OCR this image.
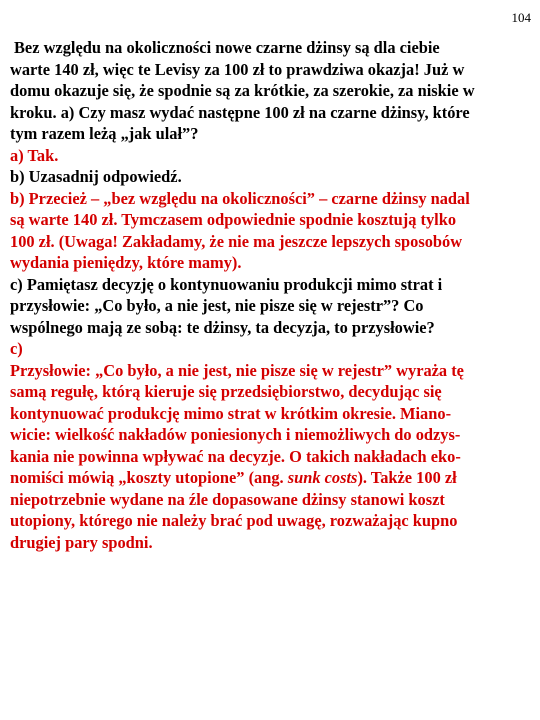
104
Bez względu na okoliczności nowe czarne dżinsy są dla ciebie
warte 140 zł, więc te Levisy za 100 zł to prawdziwa okazja! Już w
domu okazuje się, że spodnie są za krótkie, za szerokie, za niskie w
kroku. a) Czy masz wydać następne 100 zł na czarne dżinsy, które
tym razem leżą „jak ulał”?
a) Tak.
b) Uzasadnij odpowiedź.
b) Przecież – „bez względu na okoliczności” – czarne dżinsy nadal
są warte 140 zł. Tymczasem odpowiednie spodnie kosztują tylko
100 zł. (Uwaga! Zakładamy, że nie ma jeszcze lepszych sposobów
wydania pieniędzy, które mamy).
c) Pamiętasz decyzję o kontynuowaniu produkcji mimo strat i
przysłowie: „Co było, a nie jest, nie pisze się w rejestr”? Co
wspólnego mają ze sobą: te dżinsy, ta decyzja, to przysłowie?
c)
Przysłowie: „Co było, a nie jest, nie pisze się w rejestr” wyraża tę
samą regułę, którą kieruje się przedsiębiorstwo, decydując się
kontynuować produkcję mimo strat w krótkim okresie. Miano-
wicie: wielkość nakładów poniesionych i niemożliwych do odzys-
kania nie powinna wpływać na decyzje. O takich nakładach eko-
nomiści mówią „koszty utopione” (ang. sunk costs). Także 100 zł
niepotrzebnie wydane na źle dopasowane dżinsy stanowi koszt
utopiony, którego nie należy brać pod uwagę, rozważając kupno
drugiej pary spodni.
